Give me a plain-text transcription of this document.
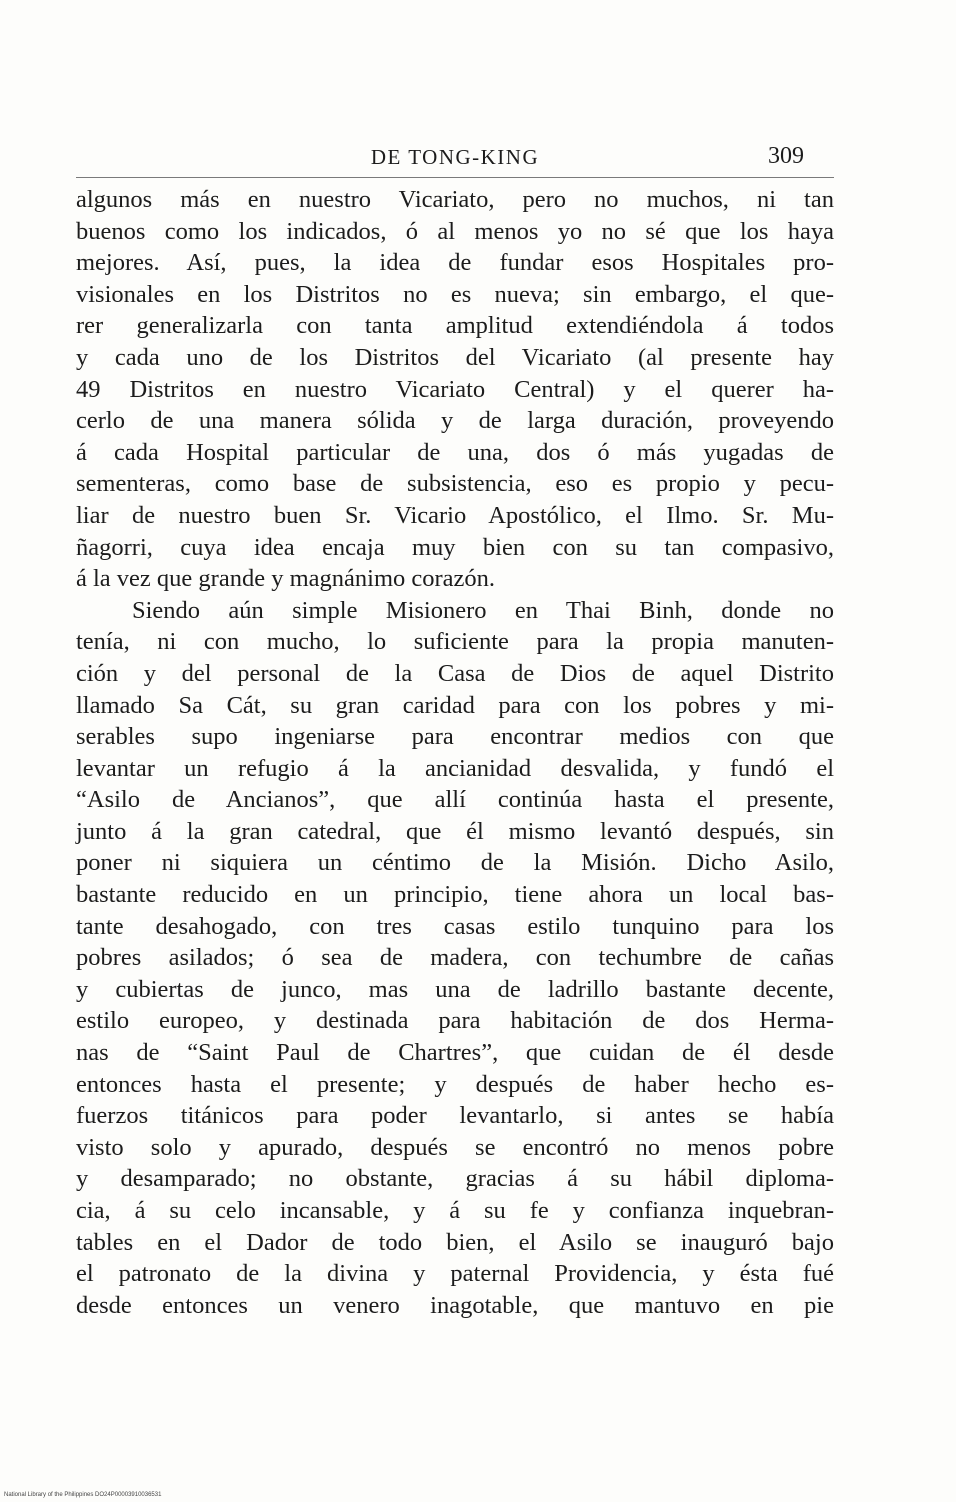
DE TONG-KING	309
algunos más en nuestro Vicariato, pero no muchos, ni tan
buenos como los indicados, ó al menos yo no sé que los haya
mejores. Así, pues, la idea de fundar esos Hospitales pro-
visionales en los Distritos no es nueva; sin embargo, el que-
rer generalizarla con tanta amplitud extendiéndola á todos
y cada uno de los Distritos del Vicariato (al presente hay
49 Distritos en nuestro Vicariato Central) y el querer ha-
cerlo de una manera sólida y de larga duración, proveyendo
á cada Hospital particular de una, dos ó más yugadas de
sementeras, como base de subsistencia, eso es propio y pecu-
liar de nuestro buen Sr. Vicario Apostólico, el Ilmo. Sr. Mu-
ñagorri, cuya idea encaja muy bien con su tan compasivo,
á la vez que grande y magnánimo corazón.
Siendo aún simple Misionero en Thai Binh, donde no
tenía, ni con mucho, lo suficiente para la propia manuten-
ción y del personal de la Casa de Dios de aquel Distrito
llamado Sa Cát, su gran caridad para con los pobres y mi-
serables supo ingeniarse para encontrar medios con que
levantar un refugio á la ancianidad desvalida, y fundó el
“Asilo de Ancianos”, que allí continúa hasta el presente,
junto á la gran catedral, que él mismo levantó después, sin
poner ni siquiera un céntimo de la Misión. Dicho Asilo,
bastante reducido en un principio, tiene ahora un local bas-
tante desahogado, con tres casas estilo tunquino para los
pobres asilados; ó sea de madera, con techumbre de cañas
y cubiertas de junco, mas una de ladrillo bastante decente,
estilo europeo, y destinada para habitación de dos Herma-
nas de “Saint Paul de Chartres”, que cuidan de él desde
entonces hasta el presente; y después de haber hecho es-
fuerzos titánicos para poder levantarlo, si antes se había
visto solo y apurado, después se encontró no menos pobre
y desamparado; no obstante, gracias á su hábil diploma-
cia, á su celo incansable, y á su fe y confianza inquebran-
tables en el Dador de todo bien, el Asilo se inauguró bajo
el patronato de la divina y paternal Providencia, y ésta fué
desde entonces un venero inagotable, que mantuvo en pie
National Library of the Philippines DO24P00003910036531
